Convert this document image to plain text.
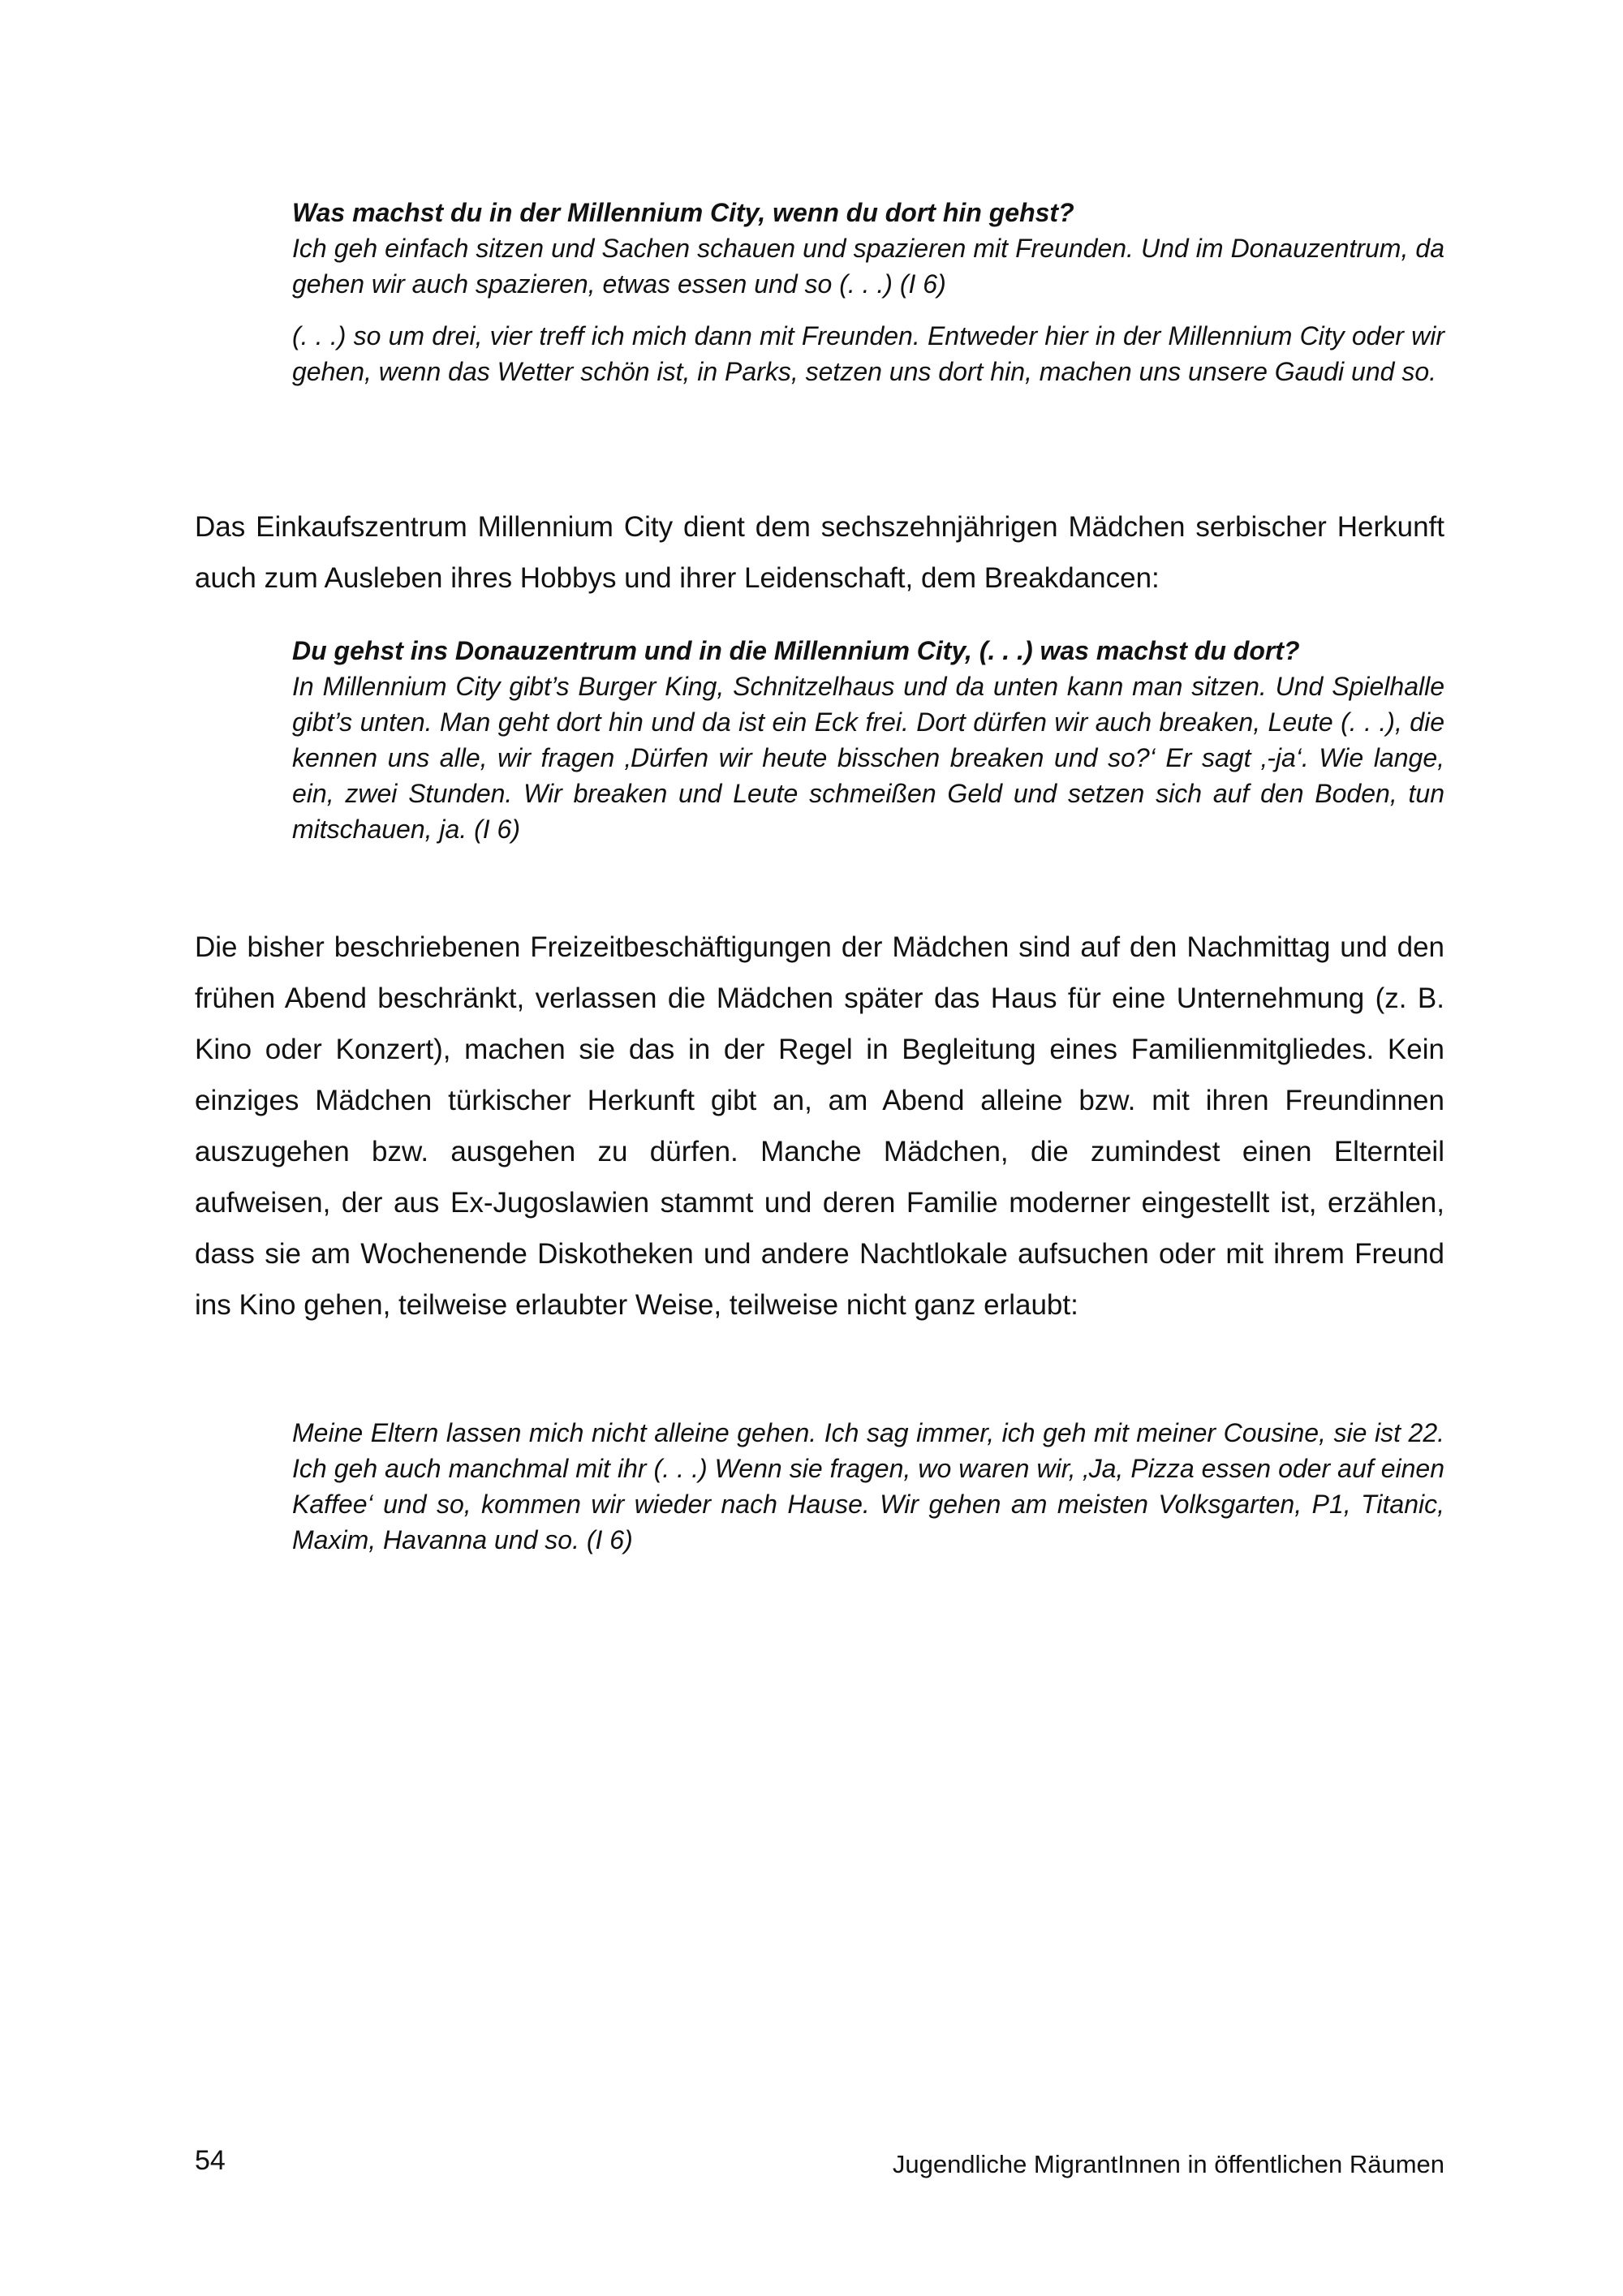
Was machst du in der Millennium City, wenn du dort hin gehst?
Ich geh einfach sitzen und Sachen schauen und spazieren mit Freunden. Und im Donauzentrum, da gehen wir auch spazieren, etwas essen und so (. . .) (I 6)

(. . .) so um drei, vier treff ich mich dann mit Freunden. Entweder hier in der Millennium City oder wir gehen, wenn das Wetter schön ist, in Parks, setzen uns dort hin, machen uns unsere Gaudi und so.

Das Einkaufszentrum Millennium City dient dem sechszehnjährigen Mädchen serbischer Herkunft auch zum Ausleben ihres Hobbys und ihrer Leidenschaft, dem Breakdancen:

Du gehst ins Donauzentrum und in die Millennium City, (. . .) was machst du dort?
In Millennium City gibt’s Burger King, Schnitzelhaus und da unten kann man sitzen. Und Spielhalle gibt’s unten. Man geht dort hin und da ist ein Eck frei. Dort dürfen wir auch breaken, Leute (. . .), die kennen uns alle, wir fragen ‚Dürfen wir heute bisschen breaken und so?‘ Er sagt ‚-ja‘. Wie lange, ein, zwei Stunden. Wir breaken und Leute schmeißen Geld und setzen sich auf den Boden, tun mitschauen, ja. (I 6)

Die bisher beschriebenen Freizeitbeschäftigungen der Mädchen sind auf den Nachmittag und den frühen Abend beschränkt, verlassen die Mädchen später das Haus für eine Unternehmung (z. B. Kino oder Konzert), machen sie das in der Regel in Begleitung eines Familienmitgliedes. Kein einziges Mädchen türkischer Herkunft gibt an, am Abend alleine bzw. mit ihren Freundinnen auszugehen bzw. ausgehen zu dürfen. Manche Mädchen, die zumindest einen Elternteil aufweisen, der aus Ex-Jugoslawien stammt und deren Familie moderner eingestellt ist, erzählen, dass sie am Wochenende Diskotheken und andere Nachtlokale aufsuchen oder mit ihrem Freund ins Kino gehen, teilweise erlaubter Weise, teilweise nicht ganz erlaubt:

Meine Eltern lassen mich nicht alleine gehen. Ich sag immer, ich geh mit meiner Cousine, sie ist 22. Ich geh auch manchmal mit ihr (. . .) Wenn sie fragen, wo waren wir, ‚Ja, Pizza essen oder auf einen Kaffee‘ und so, kommen wir wieder nach Hause. Wir gehen am meisten Volksgarten, P1, Titanic, Maxim, Havanna und so. (I 6)

54	Jugendliche MigrantInnen in öffentlichen Räumen
